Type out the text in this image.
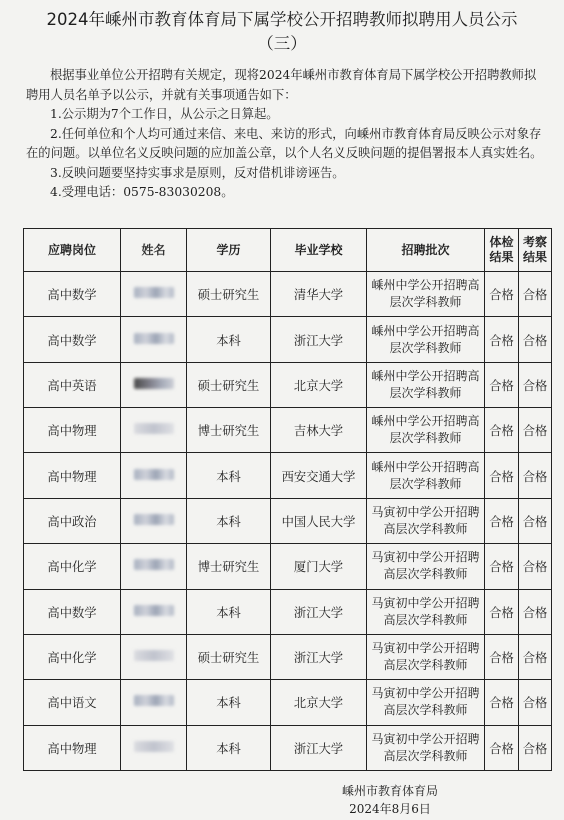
2024年嵊州市教育体育局下属学校公开招聘教师拟聘用人员公示
（三）

根据事业单位公开招聘有关规定，现将2024年嵊州市教育体育局下属学校公开招聘教师拟聘用人员名单予以公示，并就有关事项通告如下：

1.公示期为7个工作日，从公示之日算起。

2.任何单位和个人均可通过来信、来电、来访的形式，向嵊州市教育体育局反映公示对象存在的问题。以单位名义反映问题的应加盖公章，以个人名义反映问题的提倡署报本人真实姓名。

3.反映问题要坚持实事求是原则，反对借机诽谤诬告。

4.受理电话：0575-83030208。

应聘岗位	姓名	学历	毕业学校	招聘批次	体检结果	考察结果
高中数学		硕士研究生	清华大学	嵊州中学公开招聘高层次学科教师	合格	合格
高中数学		本科	浙江大学	嵊州中学公开招聘高层次学科教师	合格	合格
高中英语		硕士研究生	北京大学	嵊州中学公开招聘高层次学科教师	合格	合格
高中物理		博士研究生	吉林大学	嵊州中学公开招聘高层次学科教师	合格	合格
高中物理		本科	西安交通大学	嵊州中学公开招聘高层次学科教师	合格	合格
高中政治		本科	中国人民大学	马寅初中学公开招聘高层次学科教师	合格	合格
高中化学		博士研究生	厦门大学	马寅初中学公开招聘高层次学科教师	合格	合格
高中数学		本科	浙江大学	马寅初中学公开招聘高层次学科教师	合格	合格
高中化学		硕士研究生	浙江大学	马寅初中学公开招聘高层次学科教师	合格	合格
高中语文		本科	北京大学	马寅初中学公开招聘高层次学科教师	合格	合格
高中物理		本科	浙江大学	马寅初中学公开招聘高层次学科教师	合格	合格
嵊州市教育体育局
2024年8月6日
